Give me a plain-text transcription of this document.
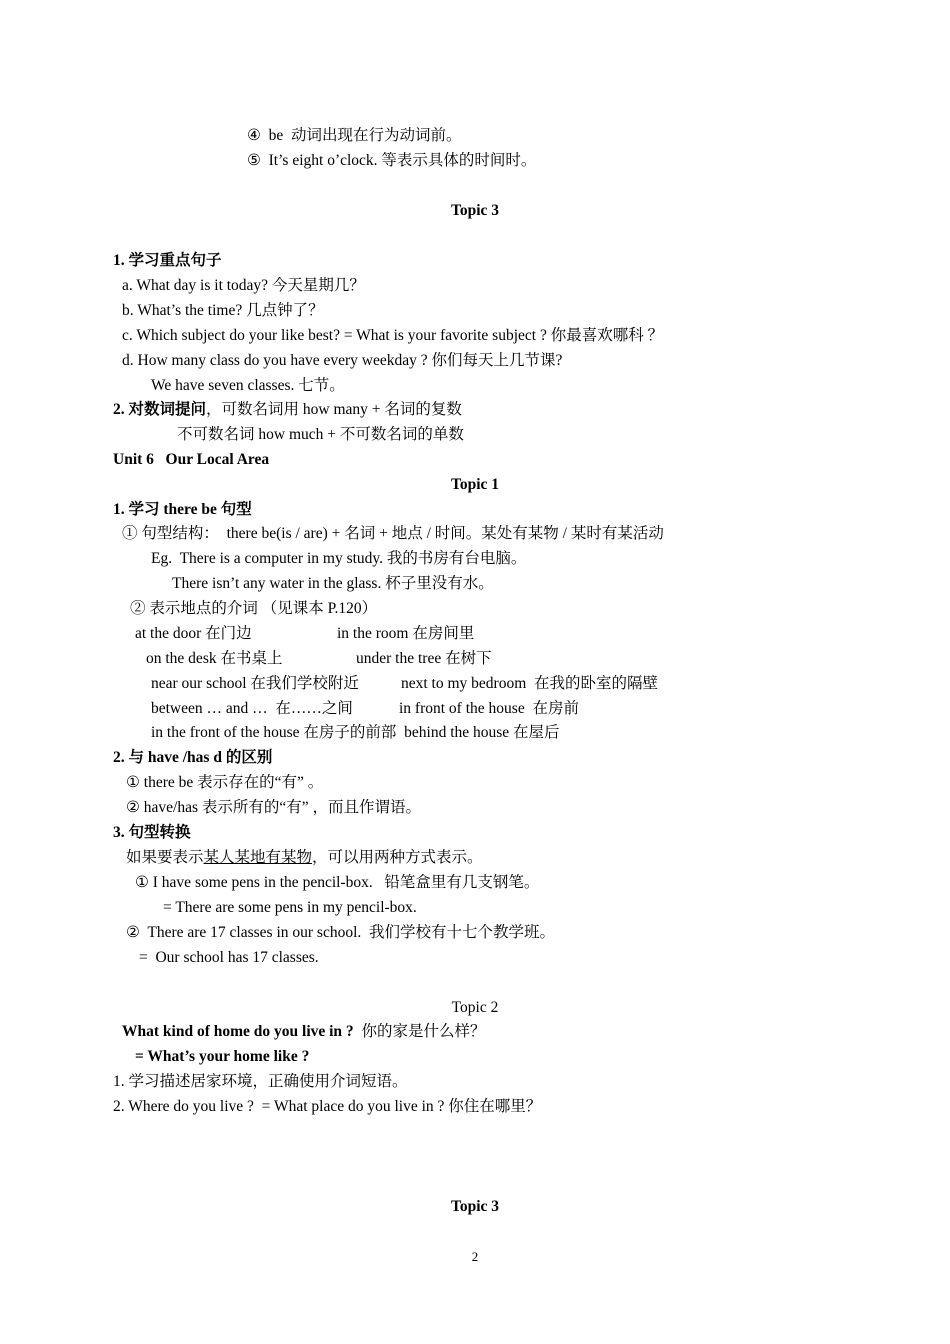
④  be  动词出现在行为动词前。
⑤  It’s eight o’clock. 等表示具体的时间时。
Topic 3
1. 学习重点句子
a. What day is it today? 今天星期几？
b. What’s the time? 几点钟了？
c. Which subject do your like best? = What is your favorite subject ? 你最喜欢哪科 ？
d. How many class do you have every weekday ? 你们每天上几节课?
We have seven classes. 七节。
2. 对数词提问，可数名词用 how many + 名词的复数
不可数名词 how much + 不可数名词的单数
Unit 6   Our Local Area
Topic 1
1. 学习 there be 句型
① 句型结构：  there be(is / are) + 名词 + 地点 / 时间。某处有某物 / 某时有某活动
Eg.  There is a computer in my study. 我的书房有台电脑。
There isn’t any water in the glass. 杯子里没有水。
② 表示地点的介词 （见课本 P.120）
at the door 在门边	in the room 在房间里
on the desk 在书桌上	under the tree 在树下
near our school 在我们学校附近	next to my bedroom  在我的卧室的隔壁
between … and …  在……之间	in front of the house  在房前
in the front of the house 在房子的前部  behind the house 在屋后
2. 与 have /has d 的区别
① there be 表示存在的“有” 。
② have/has 表示所有的“有” ，而且作谓语。
3. 句型转换
如果要表示某人某地有某物，可以用两种方式表示。
① I have some pens in the pencil-box.   铅笔盒里有几支钢笔。
= There are some pens in my pencil-box.
②  There are 17 classes in our school.  我们学校有十七个教学班。
=  Our school has 17 classes.
Topic 2
What kind of home do you live in ?  你的家是什么样？
= What’s your home like ?
1. 学习描述居家环境，正确使用介词短语。
2. Where do you live ?  = What place do you live in ? 你住在哪里？
Topic 3
2
